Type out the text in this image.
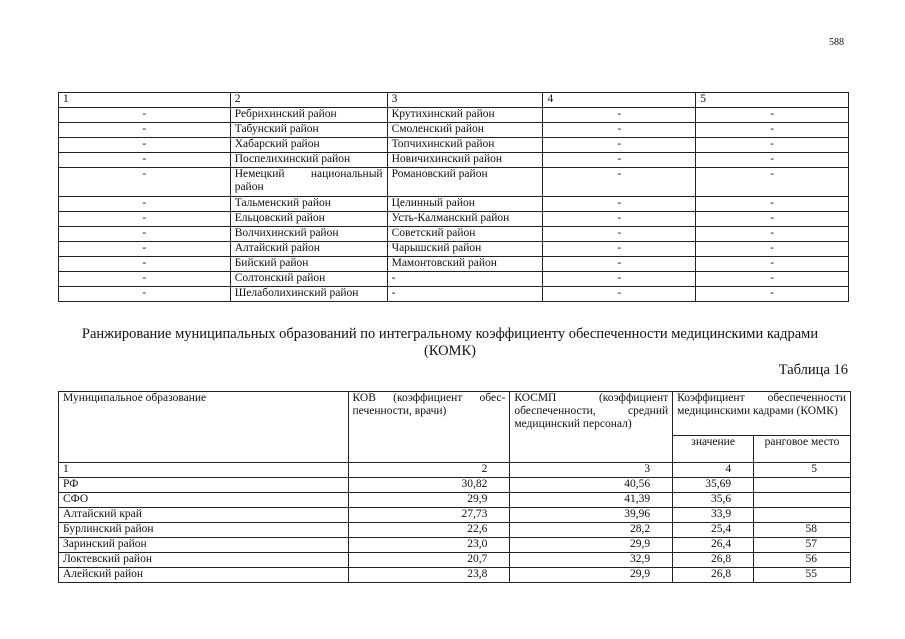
588
1	2	3	4	5
-	Ребрихинский район	Крутихинский район	-	-
-	Табунский район	Смоленский район	-	-
-	Хабарский район	Топчихинский район	-	-
-	Поспелихинский район	Новичихинский район	-	-
-	Немецкий национальный район	Романовский район	-	-
-	Тальменский район	Целинный район	-	-
-	Ельцовский район	Усть-Калманский район	-	-
-	Волчихинский район	Советский район	-	-
-	Алтайский район	Чарышский район	-	-
-	Бийский район	Мамонтовский район	-	-
-	Солтонский район	-	-	-
-	Шелаболихинский район	-	-	-
Ранжирование муниципальных образований по интегральному коэффициенту обеспеченности медицинскими кадрами
(КОМК)
Таблица 16
Муниципальное образование	КОВ (коэффициент обес-печенности, врачи)	КОСМП (коэффициент обеспеченности, средний медицинский персонал)	Коэффициент обеспеченности медицинскими кадрами (КОМК)	
			значение	ранговое место
1	2	3	4	5
РФ	30,82	40,56	35,69	
СФО	29,9	41,39	35,6	
Алтайский край	27,73	39,96	33,9	
Бурлинский район	22,6	28,2	25,4	58
Заринский район	23,0	29,9	26,4	57
Локтевский район	20,7	32,9	26,8	56
Алейский район	23,8	29,9	26,8	55
